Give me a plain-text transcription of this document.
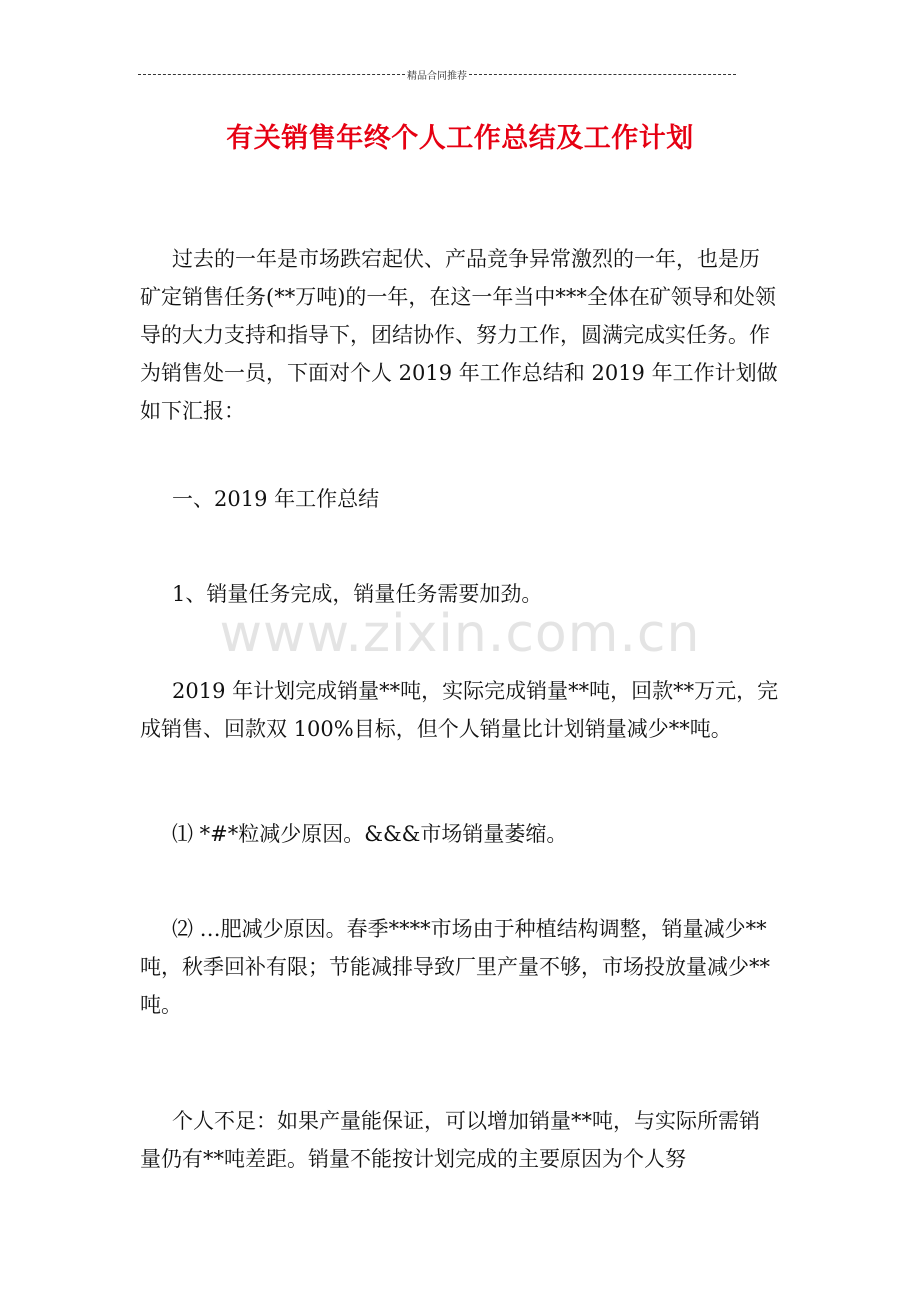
精品合同推荐
有关销售年终个人工作总结及工作计划

过去的一年是市场跌宕起伏、产品竞争异常激烈的一年，也是历矿定销售任务(**万吨)的一年，在这一年当中***全体在矿领导和处领导的大力支持和指导下，团结协作、努力工作，圆满完成实任务。作为销售处一员，下面对个人 2019 年工作总结和 2019 年工作计划做如下汇报：

一、2019 年工作总结

1、销量任务完成，销量任务需要加劲。

www.zixin.com.cn

2019 年计划完成销量**吨，实际完成销量**吨，回款**万元，完成销售、回款双 100%目标，但个人销量比计划销量减少**吨。

⑴ *#*粒减少原因。&&&市场销量萎缩。

⑵ …肥减少原因。春季****市场由于种植结构调整，销量减少**吨，秋季回补有限；节能减排导致厂里产量不够，市场投放量减少**吨。

个人不足：如果产量能保证，可以增加销量**吨，与实际所需销量仍有**吨差距。销量不能按计划完成的主要原因为个人努
